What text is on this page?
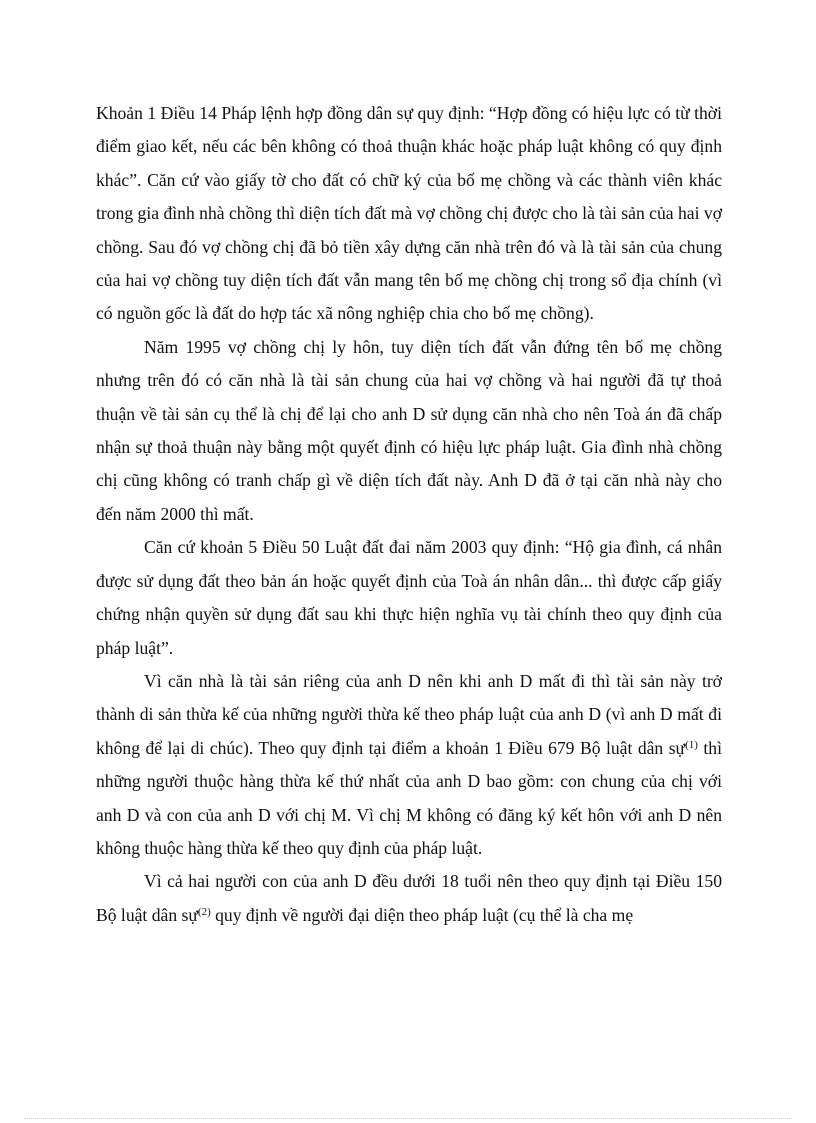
Khoản 1 Điều 14 Pháp lệnh hợp đồng dân sự quy định: “Hợp đồng có hiệu lực có từ thời điểm giao kết, nếu các bên không có thoả thuận khác hoặc pháp luật không có quy định khác”. Căn cứ vào giấy tờ cho đất có chữ ký của bố mẹ chồng và các thành viên khác trong gia đình nhà chồng thì diện tích đất mà vợ chồng chị được cho là tài sản của hai vợ chồng. Sau đó vợ chồng chị đã bỏ tiền xây dựng căn nhà trên đó và là tài sản của chung của hai vợ chồng tuy diện tích đất vẫn mang tên bố mẹ chồng chị trong sổ địa chính (vì có nguồn gốc là đất do hợp tác xã nông nghiệp chia cho bố mẹ chồng).

Năm 1995 vợ chồng chị ly hôn, tuy diện tích đất vẫn đứng tên bố mẹ chồng nhưng trên đó có căn nhà là tài sản chung của hai vợ chồng và hai người đã tự thoả thuận về tài sản cụ thể là chị để lại cho anh D sử dụng căn nhà cho nên Toà án đã chấp nhận sự thoả thuận này bằng một quyết định có hiệu lực pháp luật. Gia đình nhà chồng chị cũng không có tranh chấp gì về diện tích đất này. Anh D đã ở tại căn nhà này cho đến năm 2000 thì mất.

Căn cứ khoản 5 Điều 50 Luật đất đai năm 2003 quy định: “Hộ gia đình, cá nhân được sử dụng đất theo bản án hoặc quyết định của Toà án nhân dân... thì được cấp giấy chứng nhận quyền sử dụng đất sau khi thực hiện nghĩa vụ tài chính theo quy định của pháp luật”.

Vì căn nhà là tài sản riêng của anh D nên khi anh D mất đi thì tài sản này trở thành di sản thừa kế của những người thừa kế theo pháp luật của anh D (vì anh D mất đi không để lại di chúc). Theo quy định tại điểm a khoản 1 Điều 679 Bộ luật dân sự$^{(1)}$ thì những người thuộc hàng thừa kế thứ nhất của anh D bao gồm: con chung của chị với anh D và con của anh D với chị M. Vì chị M không có đăng ký kết hôn với anh D nên không thuộc hàng thừa kế theo quy định của pháp luật.

Vì cả hai người con của anh D đều dưới 18 tuổi nên theo quy định tại Điều 150 Bộ luật dân sự$^{(2)}$ quy định về người đại diện theo pháp luật (cụ thể là cha mẹ
